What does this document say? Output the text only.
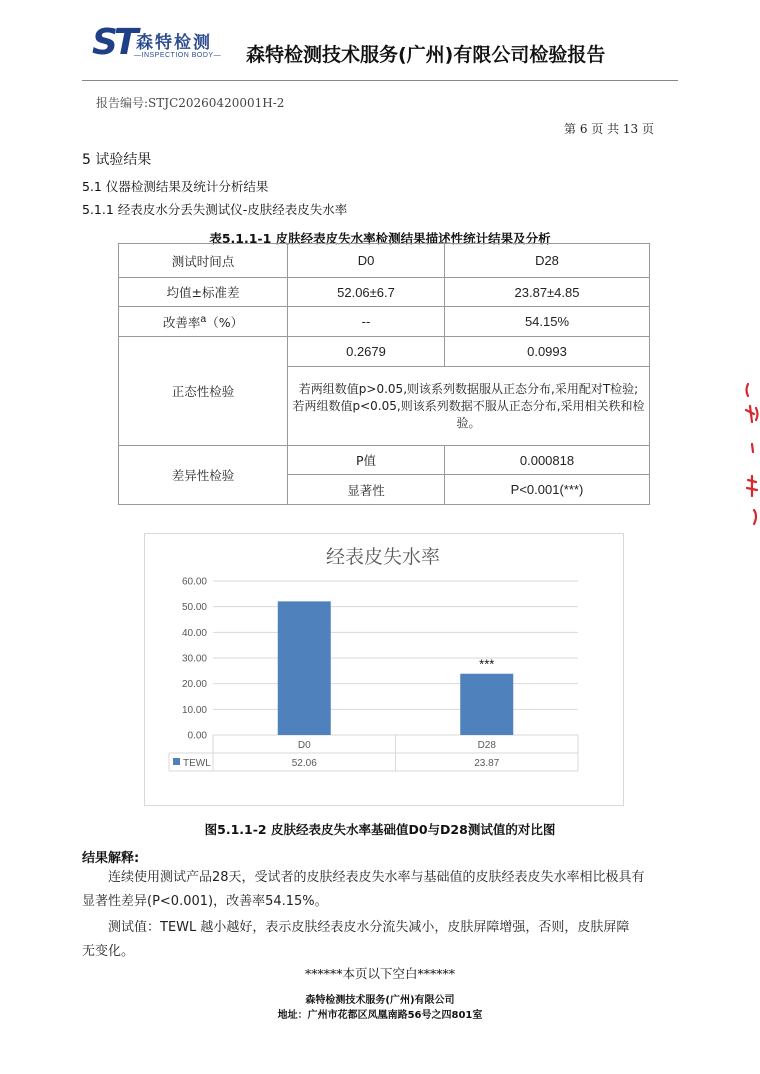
ST 森特检测
—INSPECTION BODY— 森特检测技术服务(广州)有限公司检验报告
报告编号:STJC20260420001H-2
第 6 页 共 13 页
5 试验结果
5.1 仪器检测结果及统计分析结果
5.1.1 经表皮水分丢失测试仪-皮肤经表皮失水率
表5.1.1-1 皮肤经表皮失水率检测结果描述性统计结果及分析
测试时间点	D0	D28
均值±标准差	52.06±6.7	23.87±4.85
改善率$^a$（%）	--	54.15%
正态性检验	0.2679	0.0993

	若两组数值p>0.05,则该系列数据服从正态分布,采用配对T检验;
若两组数值p<0.05,则该系列数据不服从正态分布,采用相关秩和检验。	

差异性检验	P值	0.000818
	显著性	P<0.001(***)
经表皮失水率
60.00
50.00
40.00
30.00
20.00
10.00
0.00
***
D0
52.06
D28
23.87
TEWL
图5.1.1-2 皮肤经表皮失水率基础值D0与D28测试值的对比图
结果解释:
连续使用测试产品28天，受试者的皮肤经表皮失水率与基础值的皮肤经表皮失水率相比极具有
显著性差异(P<0.001)，改善率54.15%。
测试值：TEWL 越小越好，表示皮肤经表皮水分流失减小，皮肤屏障增强，否则，皮肤屏障
无变化。
******本页以下空白******
森特检测技术服务(广州)有限公司
地址：广州市花都区凤凰南路56号之四801室
